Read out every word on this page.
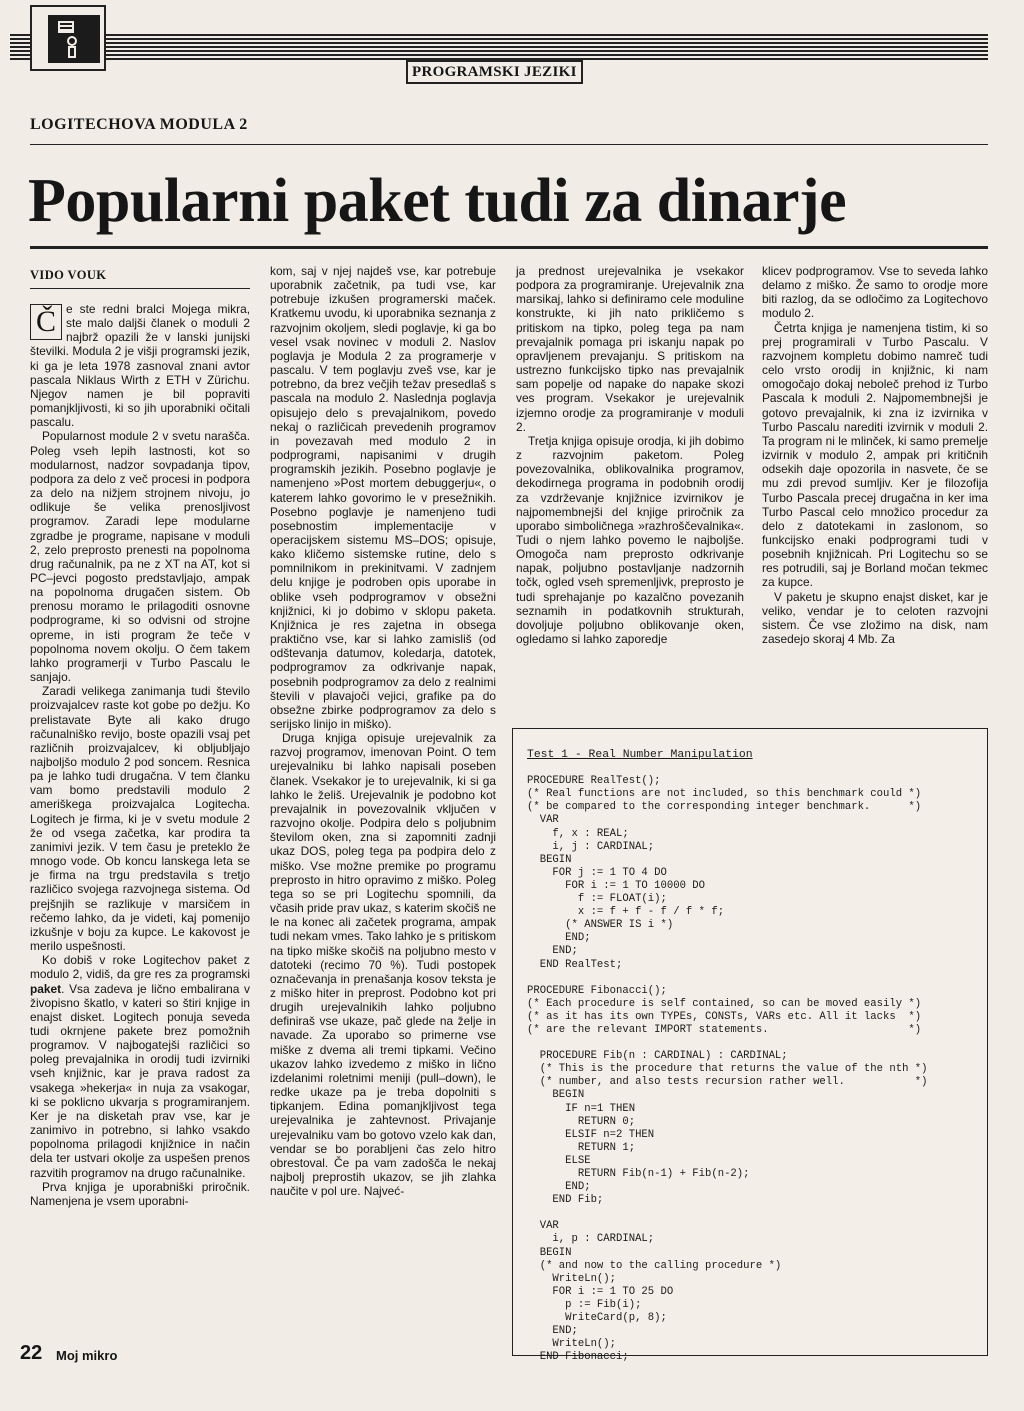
PROGRAMSKI JEZIKI
LOGITECHOVA MODULA 2
Popularni paket tudi za dinarje
VIDO VOUK

Č e ste redni bralci Mojega mikra, ste malo daljši članek o moduli 2 najbrž opazili že v lanski junijski številki. Modula 2 je višji programski jezik, ki ga je leta 1978 zasnoval znani avtor pascala Niklaus Wirth z ETH v Zürichu. Njegov namen je bil popraviti pomanjkljivosti, ki so jih uporabniki očitali pascalu.

Popularnost module 2 v svetu narašča. Poleg vseh lepih lastnosti, kot so modularnost, nadzor sovpadanja tipov, podpora za delo z več procesi in podpora za delo na nižjem strojnem nivoju, jo odlikuje še velika prenosljivost programov. Zaradi lepe modularne zgradbe je programe, napisane v moduli 2, zelo preprosto prenesti na popolnoma drug računalnik, pa ne z XT na AT, kot si PC–jevci pogosto predstavljajo, ampak na popolnoma drugačen sistem. Ob prenosu moramo le prilagoditi osnovne podprograme, ki so odvisni od strojne opreme, in isti program že teče v popolnoma novem okolju. O čem takem lahko programerji v Turbo Pascalu le sanjajo.

Zaradi velikega zanimanja tudi število proizvajalcev raste kot gobe po dežju. Ko prelistavate Byte ali kako drugo računalniško revijo, boste opazili vsaj pet različnih proizvajalcev, ki obljubljajo najboljšo modulo 2 pod soncem. Resnica pa je lahko tudi drugačna. V tem članku vam bomo predstavili modulo 2 ameriškega proizvajalca Logitecha. Logitech je firma, ki je v svetu module 2 že od vsega začetka, kar prodira ta zanimivi jezik. V tem času je preteklo že mnogo vode. Ob koncu lanskega leta se je firma na trgu predstavila s tretjo različico svojega razvojnega sistema. Od prejšnjih se razlikuje v marsičem in rečemo lahko, da je videti, kaj pomenijo izkušnje v boju za kupce. Le kakovost je merilo uspešnosti.

Ko dobiš v roke Logitechov paket z modulo 2, vidiš, da gre res za programski paket. Vsa zadeva je lično embalirana v živopisno škatlo, v kateri so štiri knjige in enajst disket. Logitech ponuja seveda tudi okrnjene pakete brez pomožnih programov. V najbogatejši različici so poleg prevajalnika in orodij tudi izvirniki vseh knjižnic, kar je prava radost za vsakega »hekerja« in nuja za vsakogar, ki se poklicno ukvarja s programiranjem. Ker je na disketah prav vse, kar je zanimivo in potrebno, si lahko vsakdo popolnoma prilagodi knjižnice in način dela ter ustvari okolje za uspešen prenos razvitih programov na drugo računalnike.

Prva knjiga je uporabniški priročnik. Namenjena je vsem uporabni-

kom, saj v njej najdeš vse, kar potrebuje uporabnik začetnik, pa tudi vse, kar potrebuje izkušen programerski maček. Kratkemu uvodu, ki uporabnika seznanja z razvojnim okoljem, sledi poglavje, ki ga bo vesel vsak novinec v moduli 2. Naslov poglavja je Modula 2 za programerje v pascalu. V tem poglavju zveš vse, kar je potrebno, da brez večjih težav presedlaš s pascala na modulo 2. Naslednja poglavja opisujejo delo s prevajalnikom, povedo nekaj o različicah prevedenih programov in povezavah med modulo 2 in podprogrami, napisanimi v drugih programskih jezikih. Posebno poglavje je namenjeno »Post mortem debuggerju«, o katerem lahko govorimo le v presežnikih. Posebno poglavje je namenjeno tudi posebnostim implementacije v operacijskem sistemu MS–DOS; opisuje, kako kličemo sistemske rutine, delo s pomnilnikom in prekinitvami. V zadnjem delu knjige je podroben opis uporabe in oblike vseh podprogramov v obsežni knjižnici, ki jo dobimo v sklopu paketa. Knjižnica je res zajetna in obsega praktično vse, kar si lahko zamisliš (od odštevanja datumov, koledarja, datotek, podprogramov za odkrivanje napak, posebnih podprogramov za delo z realnimi števili v plavajoči vejici, grafike pa do obsežne zbirke podprogramov za delo s serijsko linijo in miško).

Druga knjiga opisuje urejevalnik za razvoj programov, imenovan Point. O tem urejevalniku bi lahko napisali poseben članek. Vsekakor je to urejevalnik, ki si ga lahko le želiš. Urejevalnik je podobno kot prevajalnik in povezovalnik vključen v razvojno okolje. Podpira delo s poljubnim številom oken, zna si zapomniti zadnji ukaz DOS, poleg tega pa podpira delo z miško. Vse možne premike po programu preprosto in hitro opravimo z miško. Poleg tega so se pri Logitechu spomnili, da včasih pride prav ukaz, s katerim skočiš ne le na konec ali začetek programa, ampak tudi nekam vmes. Tako lahko je s pritiskom na tipko miške skočiš na poljubno mesto v datoteki (recimo 70 %). Tudi postopek označevanja in prenašanja kosov teksta je z miško hiter in preprost. Podobno kot pri drugih urejevalnikih lahko poljubno definiraš vse ukaze, pač glede na želje in navade. Za uporabo so primerne vse miške z dvema ali tremi tipkami. Večino ukazov lahko izvedemo z miško in lično izdelanimi roletnimi meniji (pull–down), le redke ukaze pa je treba dopolniti s tipkanjem. Edina pomanjkljivost tega urejevalnika je zahtevnost. Privajanje urejevalniku vam bo gotovo vzelo kak dan, vendar se bo porabljeni čas zelo hitro obrestoval. Če pa vam zadošča le nekaj najbolj preprostih ukazov, se jih zlahka naučite v pol ure. Najveć-

ja prednost urejevalnika je vsekakor podpora za programiranje. Urejevalnik zna marsikaj, lahko si definiramo cele moduline konstrukte, ki jih nato prikličemo s pritiskom na tipko, poleg tega pa nam prevajalnik pomaga pri iskanju napak po opravljenem prevajanju. S pritiskom na ustrezno funkcijsko tipko nas prevajalnik sam popelje od napake do napake skozi ves program. Vsekakor je urejevalnik izjemno orodje za programiranje v moduli 2.

Tretja knjiga opisuje orodja, ki jih dobimo z razvojnim paketom. Poleg povezovalnika, oblikovalnika programov, dekodirnega programa in podobnih orodij za vzdrževanje knjižnice izvirnikov je najpomembnejši del knjige priročnik za uporabo simboličnega »razhroščevalnika«. Tudi o njem lahko povemo le najboljše. Omogoča nam preprosto odkrivanje napak, poljubno postavljanje nadzornih točk, ogled vseh spremenljivk, preprosto je tudi sprehajanje po kazalčno povezanih seznamih in podatkovnih strukturah, dovoljuje poljubno oblikovanje oken, ogledamo si lahko zaporedje

klicev podprogramov. Vse to seveda lahko delamo z miško. Že samo to orodje more biti razlog, da se odločimo za Logitechovo modulo 2.

Četrta knjiga je namenjena tistim, ki so prej programirali v Turbo Pascalu. V razvojnem kompletu dobimo namreč tudi celo vrsto orodij in knjižnic, ki nam omogočajo dokaj neboleč prehod iz Turbo Pascala k moduli 2. Najpomembnejši je gotovo prevajalnik, ki zna iz izvirnika v Turbo Pascalu narediti izvirnik v moduli 2. Ta program ni le mlinček, ki samo premelje izvirnik v modulo 2, ampak pri kritičnih odsekih daje opozorila in nasvete, če se mu zdi prevod sumljiv. Ker je filozofija Turbo Pascala precej drugačna in ker ima Turbo Pascal celo množico procedur za delo z datotekami in zaslonom, so funkcijsko enaki podprogrami tudi v posebnih knjižnicah. Pri Logitechu so se res potrudili, saj je Borland močan tekmec za kupce.

V paketu je skupno enajst disket, kar je veliko, vendar je to celoten razvojni sistem. Če vse zložimo na disk, nam zasedejo skoraj 4 Mb. Za

Test 1 - Real Number Manipulation

PROCEDURE RealTest();
(* Real functions are not included, so this benchmark could *)
(* be compared to the corresponding integer benchmark.      *)
VAR
f, x : REAL;
i, j : CARDINAL;
BEGIN
FOR j := 1 TO 4 DO
FOR i := 1 TO 10000 DO
f := FLOAT(i);
x := f + f - f / f * f;
(* ANSWER IS i *)
END;
END;
END RealTest;

PROCEDURE Fibonacci();
(* Each procedure is self contained, so can be moved easily *)
(* as it has its own TYPEs, CONSTs, VARs etc. All it lacks  *)
(* are the relevant IMPORT statements.                      *)

PROCEDURE Fib(n : CARDINAL) : CARDINAL;
(* This is the procedure that returns the value of the nth *)
(* number, and also tests recursion rather well.           *)
BEGIN
IF n=1 THEN
RETURN 0;
ELSIF n=2 THEN
RETURN 1;
ELSE
RETURN Fib(n-1) + Fib(n-2);
END;
END Fib;

VAR
i, p : CARDINAL;
BEGIN
(* and now to the calling procedure *)
WriteLn();
FOR i := 1 TO 25 DO
p := Fib(i);
WriteCard(p, 8);
END;
WriteLn();
END Fibonacci;
22 Moj mikro
